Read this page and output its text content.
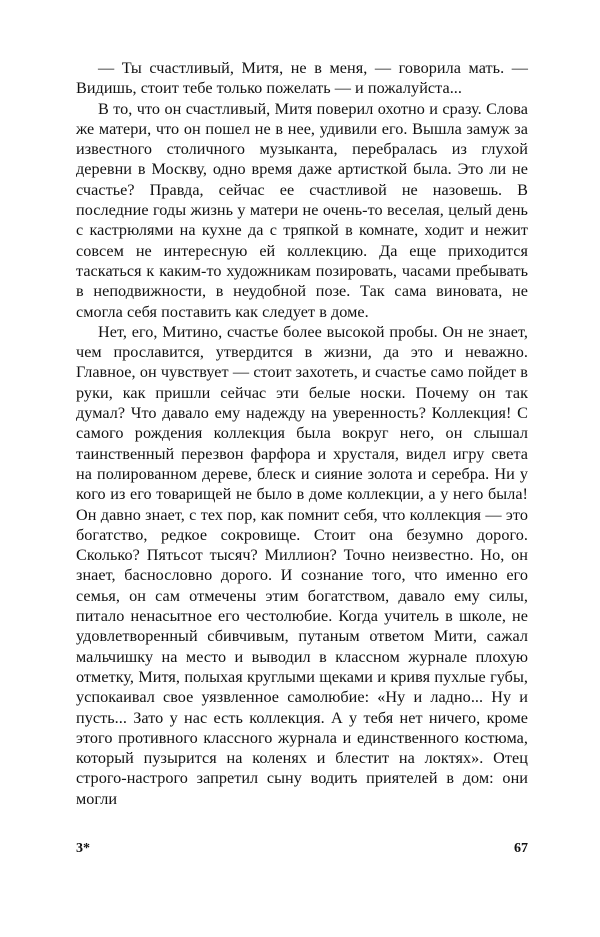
— Ты счастливый, Митя, не в меня, — говорила мать. — Видишь, стоит тебе только пожелать — и пожалуйста...

В то, что он счастливый, Митя поверил охотно и сразу. Слова же матери, что он пошел не в нее, удивили его. Вышла замуж за известного столичного музыканта, перебралась из глухой деревни в Москву, одно время даже артисткой была. Это ли не счастье? Правда, сейчас ее счастливой не назовешь. В последние годы жизнь у матери не очень-то веселая, целый день с кастрюлями на кухне да с тряпкой в комнате, ходит и нежит совсем не интересную ей коллекцию. Да еще приходится таскаться к каким-то художникам позировать, часами пребывать в неподвижности, в неудобной позе. Так сама виновата, не смогла себя поставить как следует в доме.

Нет, его, Митино, счастье более высокой пробы. Он не знает, чем прославится, утвердится в жизни, да это и неважно. Главное, он чувствует — стоит захотеть, и счастье само пойдет в руки, как пришли сейчас эти белые носки. Почему он так думал? Что давало ему надежду на уверенность? Коллекция! С самого рождения коллекция была вокруг него, он слышал таинственный перезвон фарфора и хрусталя, видел игру света на полированном дереве, блеск и сияние золота и серебра. Ни у кого из его товарищей не было в доме коллекции, а у него была! Он давно знает, с тех пор, как помнит себя, что коллекция — это богатство, редкое сокровище. Стоит она безумно дорого. Сколько? Пятьсот тысяч? Миллион? Точно неизвестно. Но, он знает, баснословно дорого. И сознание того, что именно его семья, он сам отмечены этим богатством, давало ему силы, питало ненасытное его честолюбие. Когда учитель в школе, не удовлетворенный сбивчивым, путаным ответом Мити, сажал мальчишку на место и выводил в классном журнале плохую отметку, Митя, полыхая круглыми щеками и кривя пухлые губы, успокаивал свое уязвленное самолюбие: «Ну и ладно... Ну и пусть... Зато у нас есть коллекция. А у тебя нет ничего, кроме этого противного классного журнала и единственного костюма, который пузырится на коленях и блестит на локтях». Отец строго-настрого запретил сыну водить приятелей в дом: они могли

3*	67
